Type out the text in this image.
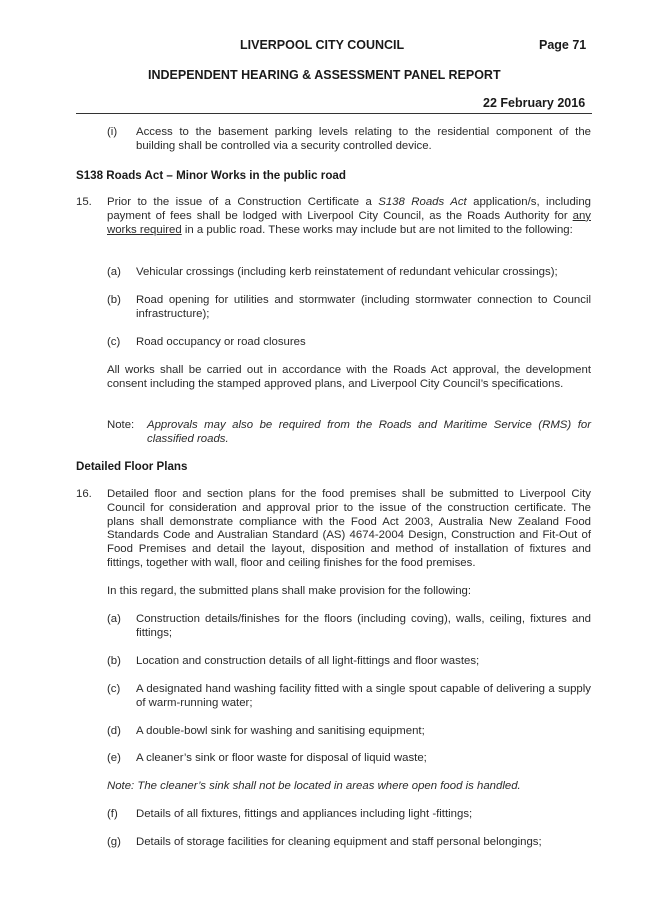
LIVERPOOL CITY COUNCIL	Page 71
INDEPENDENT HEARING & ASSESSMENT PANEL REPORT
22 February 2016
(i) Access to the basement parking levels relating to the residential component of the building shall be controlled via a security controlled device.
S138 Roads Act – Minor Works in the public road
15. Prior to the issue of a Construction Certificate a S138 Roads Act application/s, including payment of fees shall be lodged with Liverpool City Council, as the Roads Authority for any works required in a public road. These works may include but are not limited to the following:
(a) Vehicular crossings (including kerb reinstatement of redundant vehicular crossings);
(b) Road opening for utilities and stormwater (including stormwater connection to Council infrastructure);
(c) Road occupancy or road closures
All works shall be carried out in accordance with the Roads Act approval, the development consent including the stamped approved plans, and Liverpool City Council’s specifications.
Note: Approvals may also be required from the Roads and Maritime Service (RMS) for classified roads.
Detailed Floor Plans
16. Detailed floor and section plans for the food premises shall be submitted to Liverpool City Council for consideration and approval prior to the issue of the construction certificate. The plans shall demonstrate compliance with the Food Act 2003, Australia New Zealand Food Standards Code and Australian Standard (AS) 4674-2004 Design, Construction and Fit-Out of Food Premises and detail the layout, disposition and method of installation of fixtures and fittings, together with wall, floor and ceiling finishes for the food premises.
In this regard, the submitted plans shall make provision for the following:
(a) Construction details/finishes for the floors (including coving), walls, ceiling, fixtures and fittings;
(b) Location and construction details of all light-fittings and floor wastes;
(c) A designated hand washing facility fitted with a single spout capable of delivering a supply of warm-running water;
(d) A double-bowl sink for washing and sanitising equipment;
(e) A cleaner’s sink or floor waste for disposal of liquid waste;
Note: The cleaner’s sink shall not be located in areas where open food is handled.
(f) Details of all fixtures, fittings and appliances including light -fittings;
(g) Details of storage facilities for cleaning equipment and staff personal belongings;
